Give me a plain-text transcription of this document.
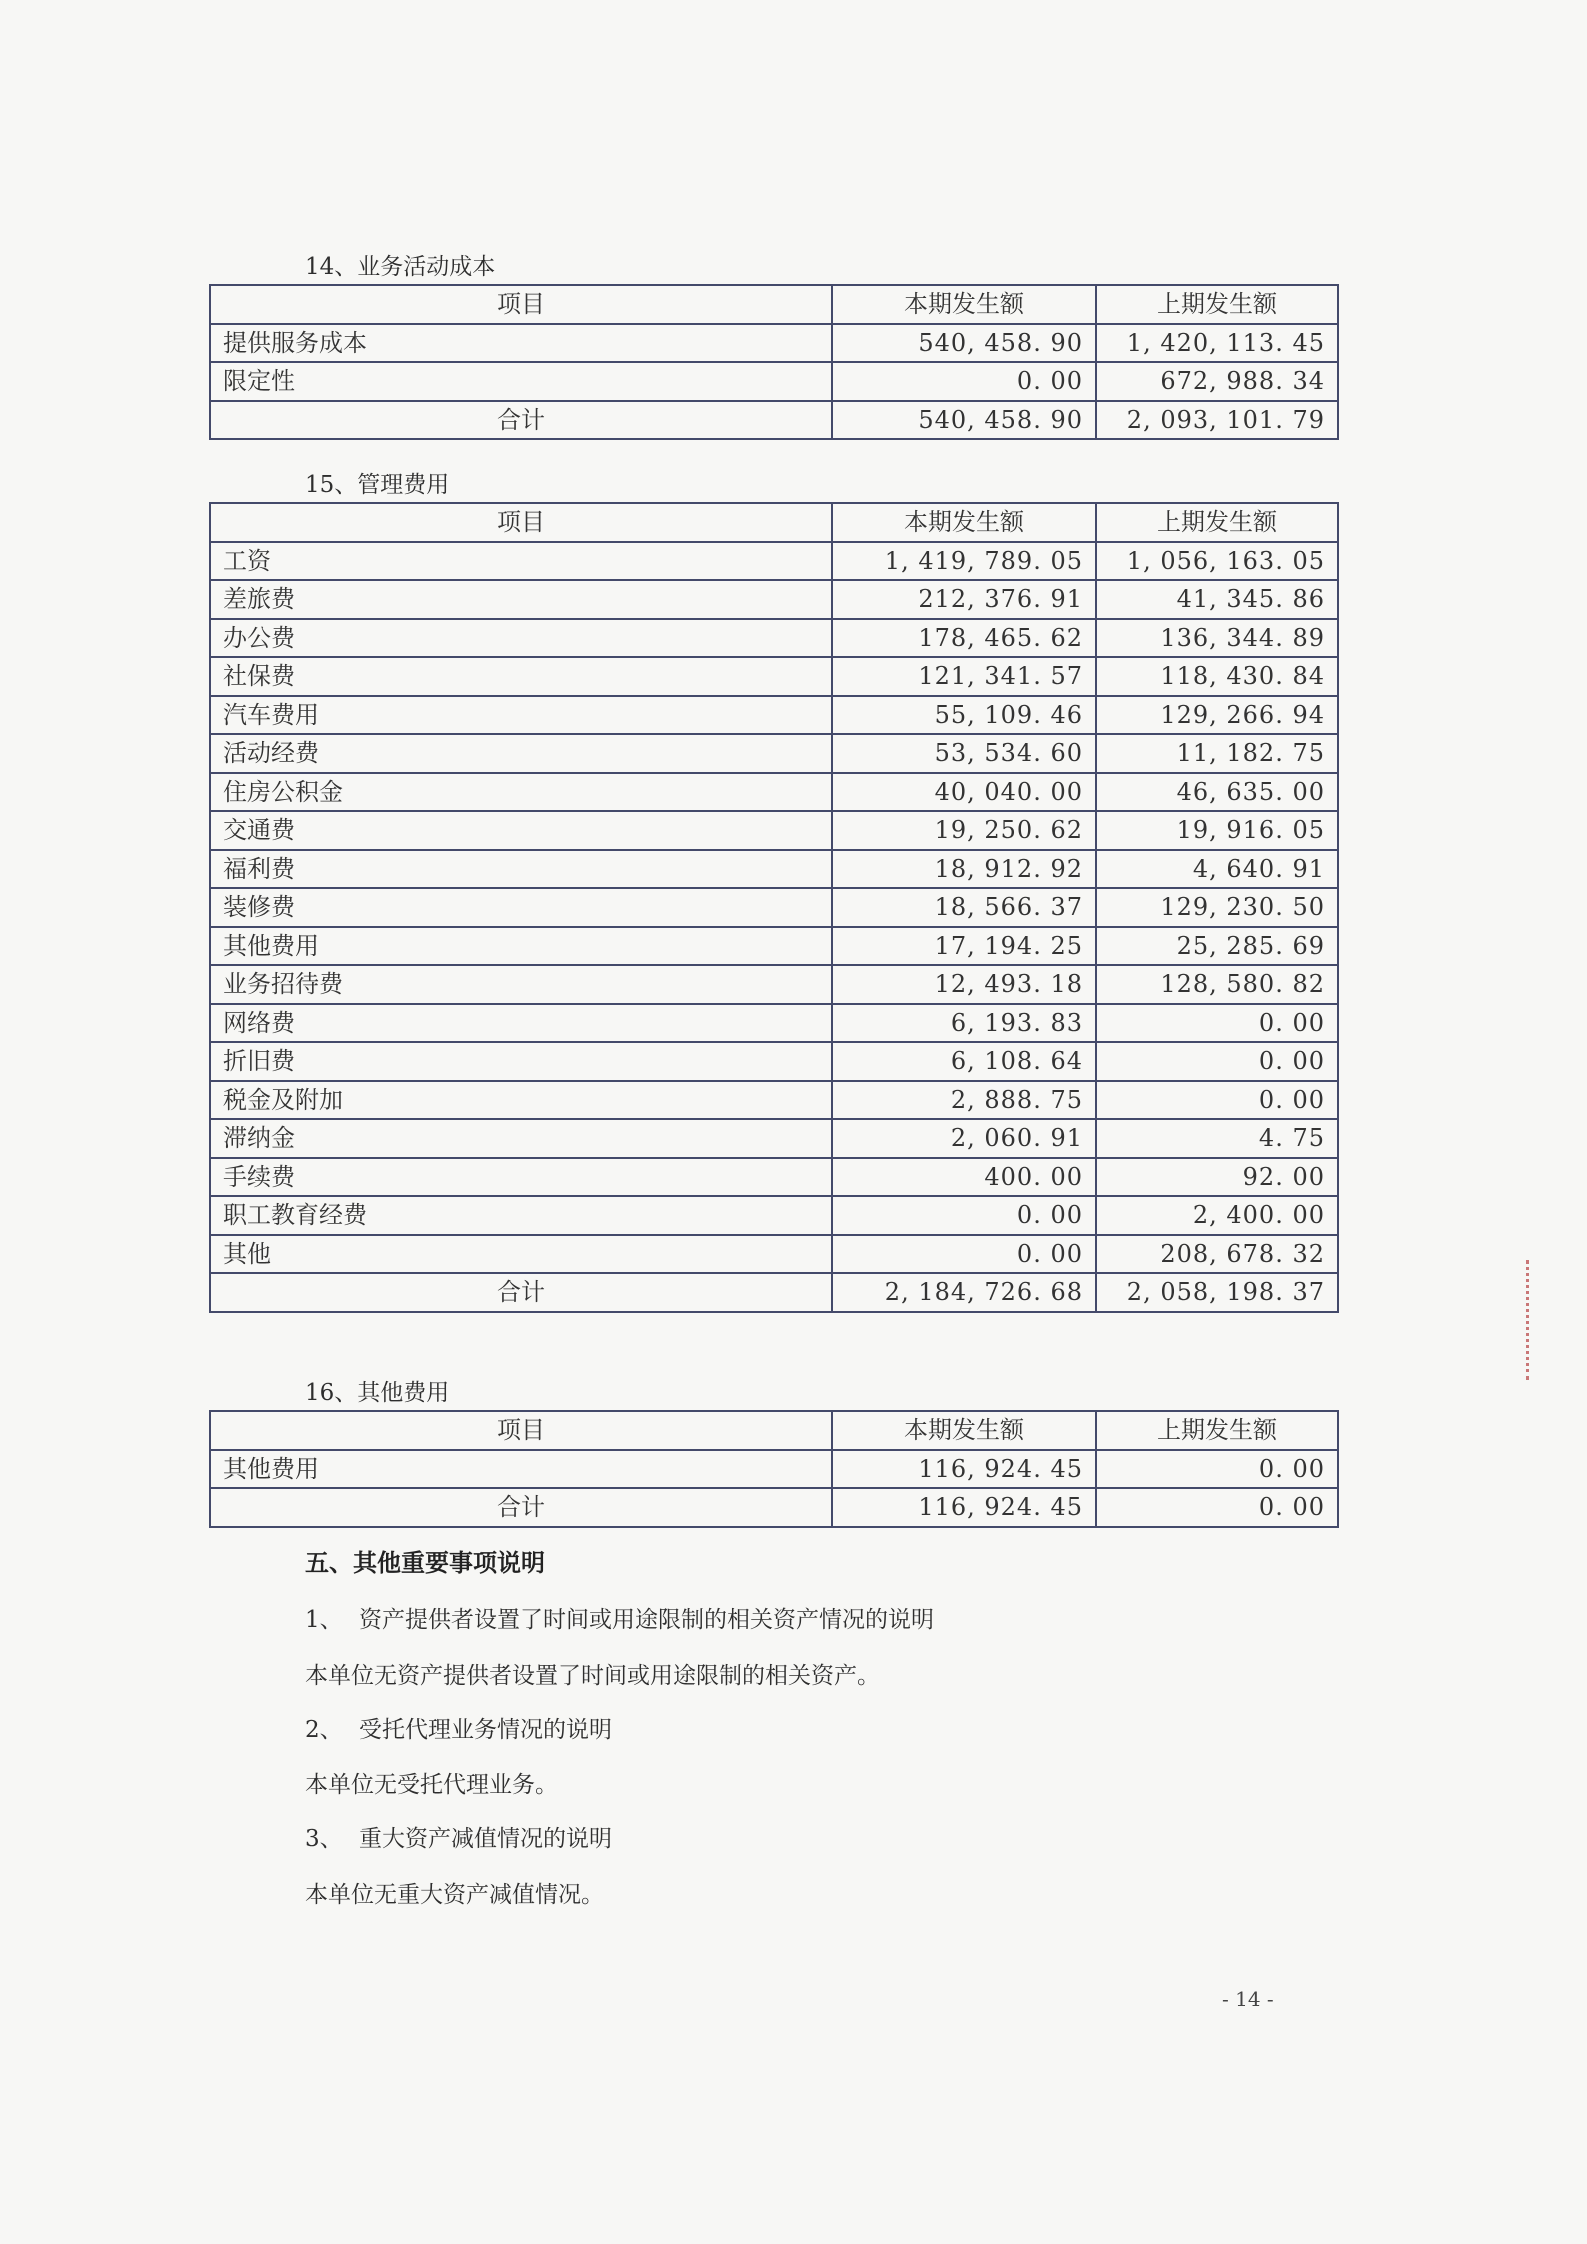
14、业务活动成本
项目	本期发生额	上期发生额
提供服务成本	540, 458. 90	1, 420, 113. 45
限定性	0. 00	672, 988. 34
合计	540, 458. 90	2, 093, 101. 79
15、管理费用
项目	本期发生额	上期发生额
工资	1, 419, 789. 05	1, 056, 163. 05
差旅费	212, 376. 91	41, 345. 86
办公费	178, 465. 62	136, 344. 89
社保费	121, 341. 57	118, 430. 84
汽车费用	55, 109. 46	129, 266. 94
活动经费	53, 534. 60	11, 182. 75
住房公积金	40, 040. 00	46, 635. 00
交通费	19, 250. 62	19, 916. 05
福利费	18, 912. 92	4, 640. 91
装修费	18, 566. 37	129, 230. 50
其他费用	17, 194. 25	25, 285. 69
业务招待费	12, 493. 18	128, 580. 82
网络费	6, 193. 83	0. 00
折旧费	6, 108. 64	0. 00
税金及附加	2, 888. 75	0. 00
滞纳金	2, 060. 91	4. 75
手续费	400. 00	92. 00
职工教育经费	0. 00	2, 400. 00
其他	0. 00	208, 678. 32
合计	2, 184, 726. 68	2, 058, 198. 37
16、其他费用
项目	本期发生额	上期发生额
其他费用	116, 924. 45	0. 00
合计	116, 924. 45	0. 00
五、其他重要事项说明
1、 资产提供者设置了时间或用途限制的相关资产情况的说明
本单位无资产提供者设置了时间或用途限制的相关资产。
2、 受托代理业务情况的说明
本单位无受托代理业务。
3、 重大资产减值情况的说明
本单位无重大资产减值情况。
- 14 -
